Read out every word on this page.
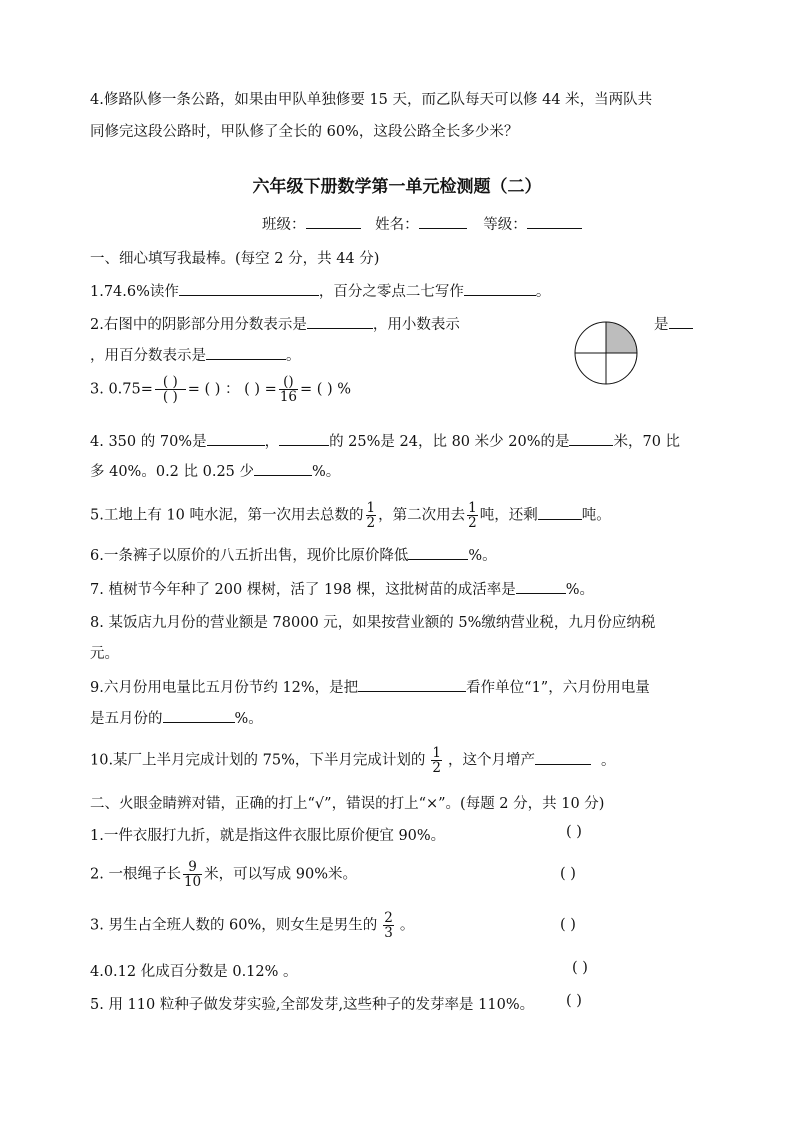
4.修路队修一条公路，如果由甲队单独修要 15 天，而乙队每天可以修 44 米，当两队共
同修完这段公路时，甲队修了全长的 60%，这段公路全长多少米？
六年级下册数学第一单元检测题（二）
班级：	姓名：	等级：
一、细心填写我最棒。(每空 2 分，共 44 分)
1.74.6%读作	，百分之零点二七写作	。
2.右图中的阴影部分用分数表示是	，用小数表示	是
，用百分数表示是	。
3. $0.75= \frac{( )}{( )}$ = ( ) ： ( ) = $\frac{()}{16}$ = ( ) %
4. 350 的 70%是	，	的 25%是 24，比 80 米少 20%的是	米，70 比
多 40%。0.2 比 0.25 少	%。
5.工地上有 10 吨水泥，第一次用去总数的 $\frac{1}{2}$ ，第二次用去 $\frac{1}{2}$ 吨，还剩	吨。
6.一条裤子以原价的八五折出售，现价比原价降低	%。
7. 植树节今年种了 200 棵树，活了 198 棵，这批树苗的成活率是	%。
8. 某饭店九月份的营业额是 78000 元，如果按营业额的 5%缴纳营业税，九月份应纳税
元。
9.六月份用电量比五月份节约 12%，是把	看作单位“1”，六月份用电量
是五月份的	%。
10.某厂上半月完成计划的 75%，下半月完成计划的 $\frac{1}{2}$ ，这个月增产	。
二、火眼金睛辨对错，正确的打上“√”，错误的打上“×”。(每题 2 分，共 10 分)
1.一件衣服打九折，就是指这件衣服比原价便宜 90%。	( )
2. 一根绳子长 $\frac{9}{10}$ 米，可以写成 90%米。	( )
3. 男生占全班人数的 60%，则女生是男生的 $\frac{2}{3}$ 。	( )
4.0.12 化成百分数是 0.12% 。	( )
5. 用 110 粒种子做发芽实验,全部发芽,这些种子的发芽率是 110%。 ( )
